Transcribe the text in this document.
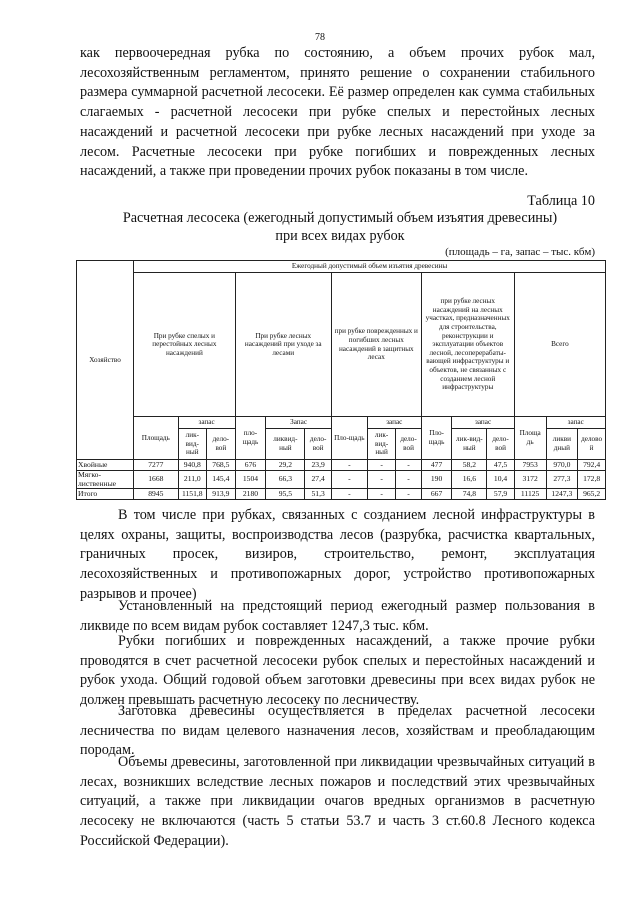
78

как первоочередная рубка по состоянию, а объем прочих рубок мал, лесохозяйственным регламентом, принято решение о сохранении стабильного размера суммарной расчетной лесосеки. Её размер определен как сумма стабильных слагаемых - расчетной лесосеки при рубке спелых и перестойных лесных насаждений и расчетной лесосеки при рубке лесных насаждений при уходе за лесом. Расчетные лесосеки при рубке погибших и поврежденных лесных насаждений, а также при проведении прочих рубок показаны в том числе.

Таблица 10
Расчетная лесосека (ежегодный допустимый объем изъятия древесины)
при всех видах рубок
(площадь – га, запас – тыс. кбм)
Хозяйство	Ежегодный допустимый объем изъятия древесины														
	При рубке спелых и перестойных лесных насаждений			При рубке лесных насаждений при уходе за лесами			при рубке поврежденных и погибших лесных насаждений в защитных лесах			при рубке лесных насаждений на лесных участках, предназначенных для строительства, реконструкции и эксплуатации объектов лесной, лесоперерабаты-вающей инфраструктуры и объектов, не связанных с созданием лесной инфраструктуры			Всего		
	Площадь	запас		пло-щадь	Запас		Пло-щадь	запас		Пло-щадь	запас		Площа дь	запас	
		лик-вид-ный	дело-вой		ликвид-ный	дело-вой		лик-вид-ный	дело-вой		лик-вид-ный	дело-вой		ликви дный	делово й
Хвойные	7277	940,8	768,5	676	29,2	23,9	-	-	-	477	58,2	47,5	7953	970,0	792,4
Мягко-лиственные	1668	211,0	145,4	1504	66,3	27,4	-	-	-	190	16,6	10,4	3172	277,3	172,8
Итого	8945	1151,8	913,9	2180	95,5	51,3	-	-	-	667	74,8	57,9	11125	1247,3	965,2

В том числе при рубках, связанных с созданием лесной инфраструктуры в целях охраны, защиты, воспроизводства лесов (разрубка, расчистка квартальных, граничных просек, визиров, строительство, ремонт, эксплуатация лесохозяйственных и противопожарных дорог, устройство противопожарных разрывов и прочее)

Установленный на предстоящий период ежегодный размер пользования в ликвиде по всем видам рубок составляет 1247,3 тыс. кбм.

Рубки погибших и поврежденных насаждений, а также прочие рубки проводятся в счет расчетной лесосеки рубок спелых и перестойных насаждений и рубок ухода. Общий годовой объем заготовки древесины при всех видах рубок не должен превышать расчетную лесосеку по лесничеству.

Заготовка древесины осуществляется в пределах расчетной лесосеки лесничества по видам целевого назначения лесов, хозяйствам и преобладающим породам.

Объемы древесины, заготовленной при ликвидации чрезвычайных ситуаций в лесах, возникших вследствие лесных пожаров и последствий этих чрезвычайных ситуаций, а также при ликвидации очагов вредных организмов в расчетную лесосеку не включаются (часть 5 статьи 53.7 и часть 3 ст.60.8 Лесного кодекса Российской Федерации).
